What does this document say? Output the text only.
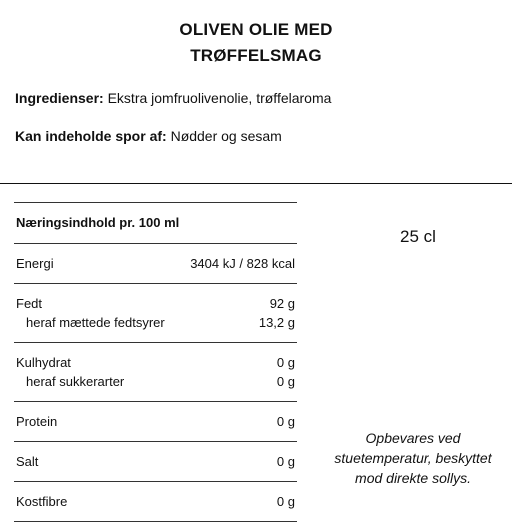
OLIVEN OLIE MED
TRØFFELSMAG
Ingredienser: Ekstra jomfruolivenolie, trøffelaroma
Kan indeholde spor af: Nødder og sesam
Næringsindhold pr. 100 ml
Energi	3404 kJ / 828 kcal
Fedt	92 g
heraf mættede fedtsyrer	13,2 g
Kulhydrat	0 g
heraf sukkerarter	0 g
Protein	0 g
Salt	0 g
Kostfibre	0 g
25 cl
Opbevares ved
stuetemperatur, beskyttet
mod direkte sollys.
